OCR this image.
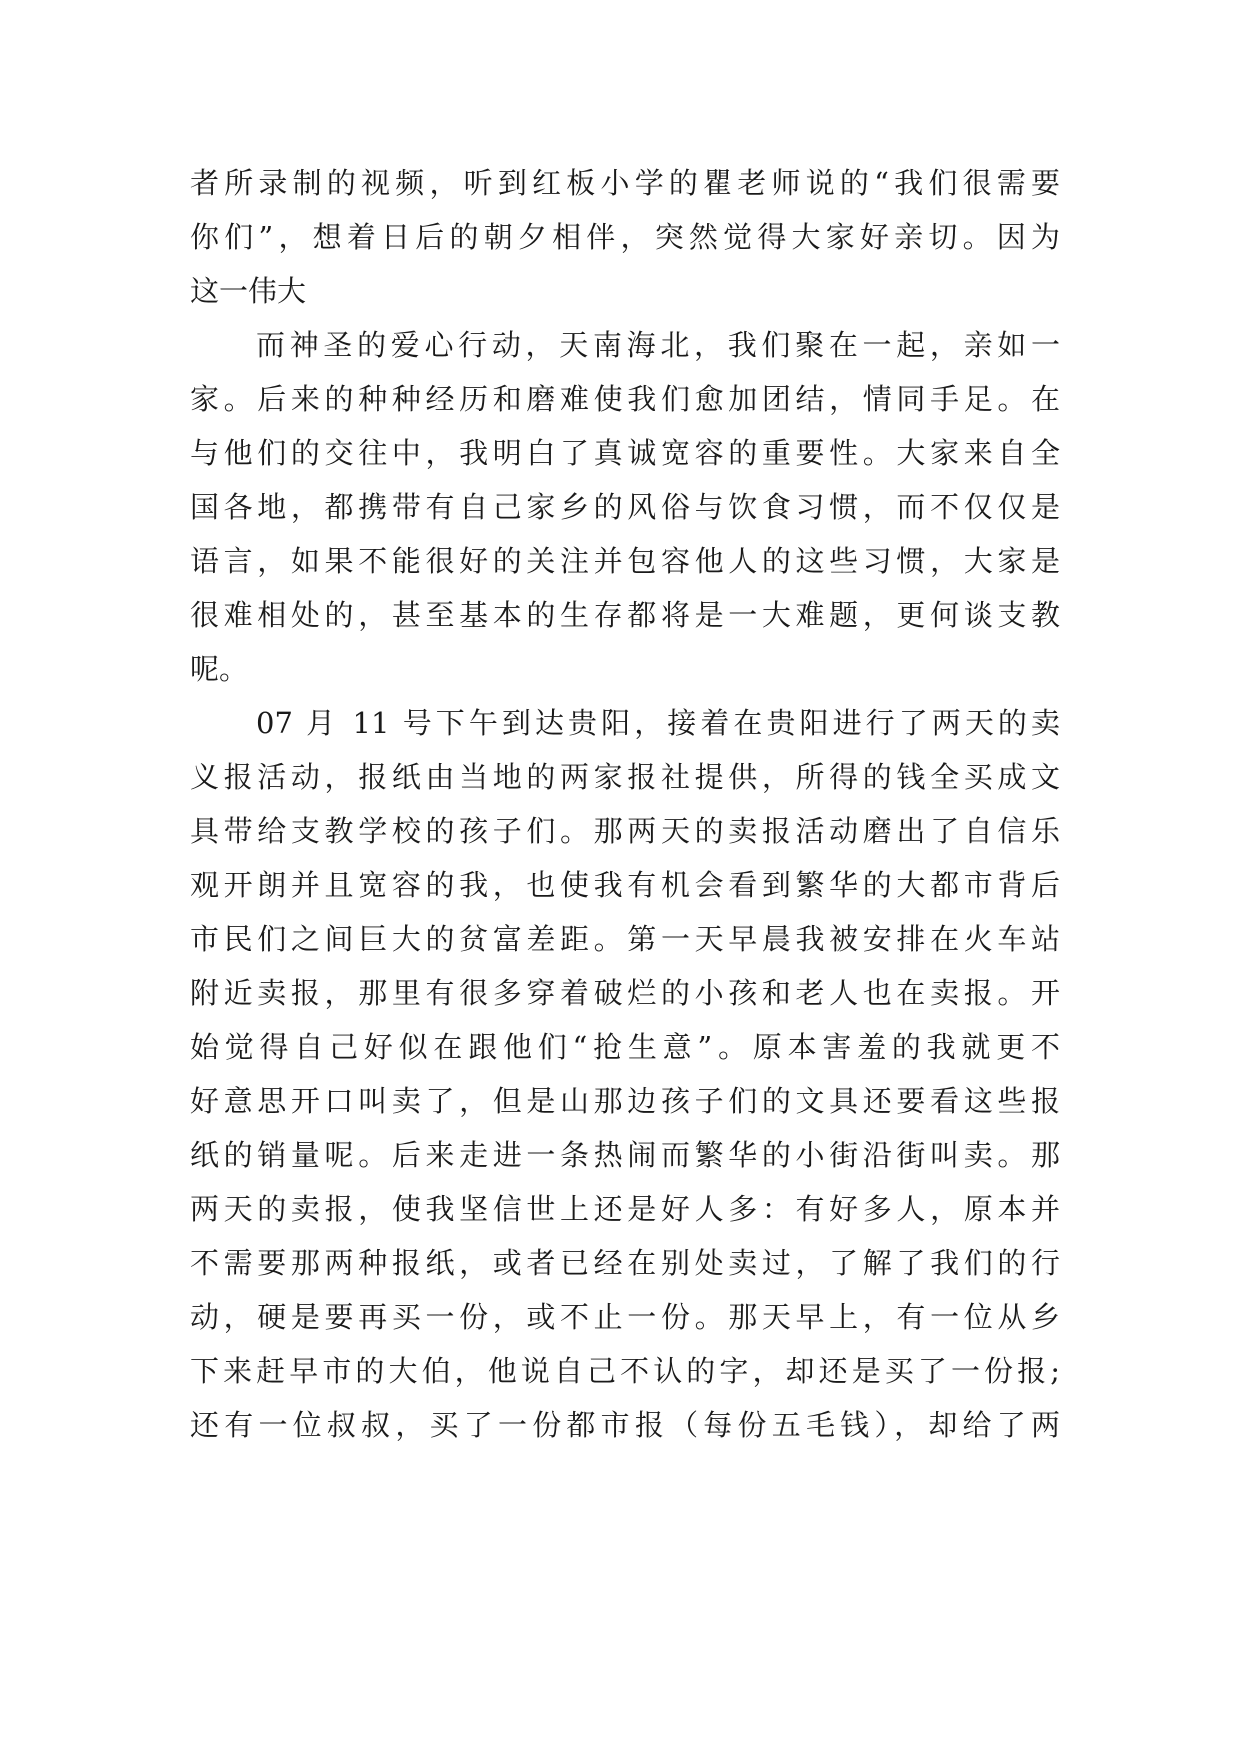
者所录制的视频，听到红板小学的瞿老师说的“我们很需要
你们”，想着日后的朝夕相伴，突然觉得大家好亲切。因为
这一伟大
而神圣的爱心行动，天南海北，我们聚在一起，亲如一
家。后来的种种经历和磨难使我们愈加团结，情同手足。在
与他们的交往中，我明白了真诚宽容的重要性。大家来自全
国各地，都携带有自己家乡的风俗与饮食习惯，而不仅仅是
语言，如果不能很好的关注并包容他人的这些习惯，大家是
很难相处的，甚至基本的生存都将是一大难题，更何谈支教
呢。
07 月 11 号下午到达贵阳，接着在贵阳进行了两天的卖
义报活动，报纸由当地的两家报社提供，所得的钱全买成文
具带给支教学校的孩子们。那两天的卖报活动磨出了自信乐
观开朗并且宽容的我，也使我有机会看到繁华的大都市背后
市民们之间巨大的贫富差距。第一天早晨我被安排在火车站
附近卖报，那里有很多穿着破烂的小孩和老人也在卖报。开
始觉得自己好似在跟他们“抢生意”。原本害羞的我就更不
好意思开口叫卖了，但是山那边孩子们的文具还要看这些报
纸的销量呢。后来走进一条热闹而繁华的小街沿街叫卖。那
两天的卖报，使我坚信世上还是好人多：有好多人，原本并
不需要那两种报纸，或者已经在别处卖过，了解了我们的行
动，硬是要再买一份，或不止一份。那天早上，有一位从乡
下来赶早市的大伯，他说自己不认的字，却还是买了一份报;
还有一位叔叔，买了一份都市报（每份五毛钱），却给了两
